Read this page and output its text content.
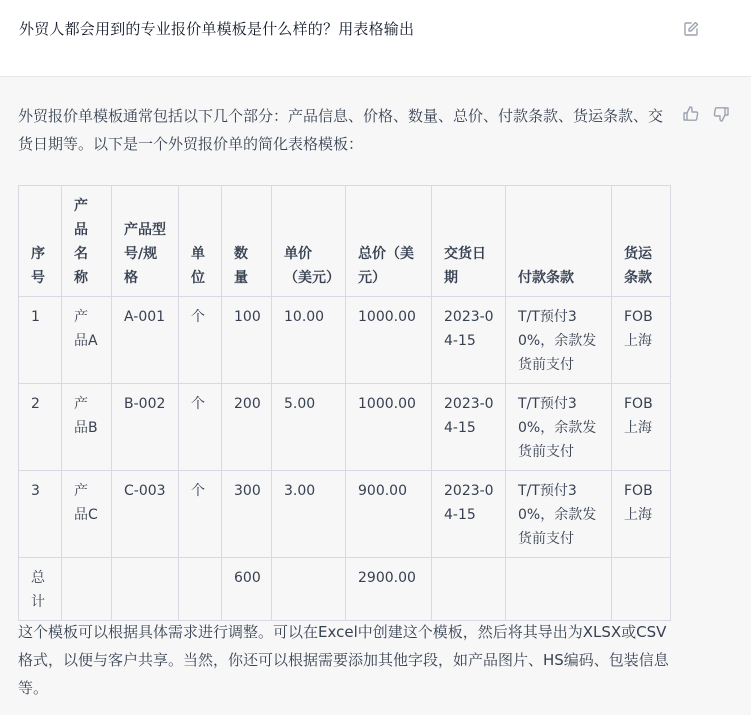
外贸人都会用到的专业报价单模板是什么样的？用表格输出
外贸报价单模板通常包括以下几个部分：产品信息、价格、数量、总价、付款条款、货运条款、交货日期等。以下是一个外贸报价单的简化表格模板：
序号	产品名称	产品型号/规格	单位	数量	单价（美元）	总价（美元）	交货日期	付款条款	货运条款
1	产品A	A-001	个	100	10.00	1000.00	2023-04-15	T/T预付30%，余款发货前支付	FOB上海
2	产品B	B-002	个	200	5.00	1000.00	2023-04-15	T/T预付30%，余款发货前支付	FOB上海
3	产品C	C-003	个	300	3.00	900.00	2023-04-15	T/T预付30%，余款发货前支付	FOB上海
总计				600		2900.00			
这个模板可以根据具体需求进行调整。可以在Excel中创建这个模板，然后将其导出为XLSX或CSV格式，以便与客户共享。当然，你还可以根据需要添加其他字段，如产品图片、HS编码、包装信息等。
